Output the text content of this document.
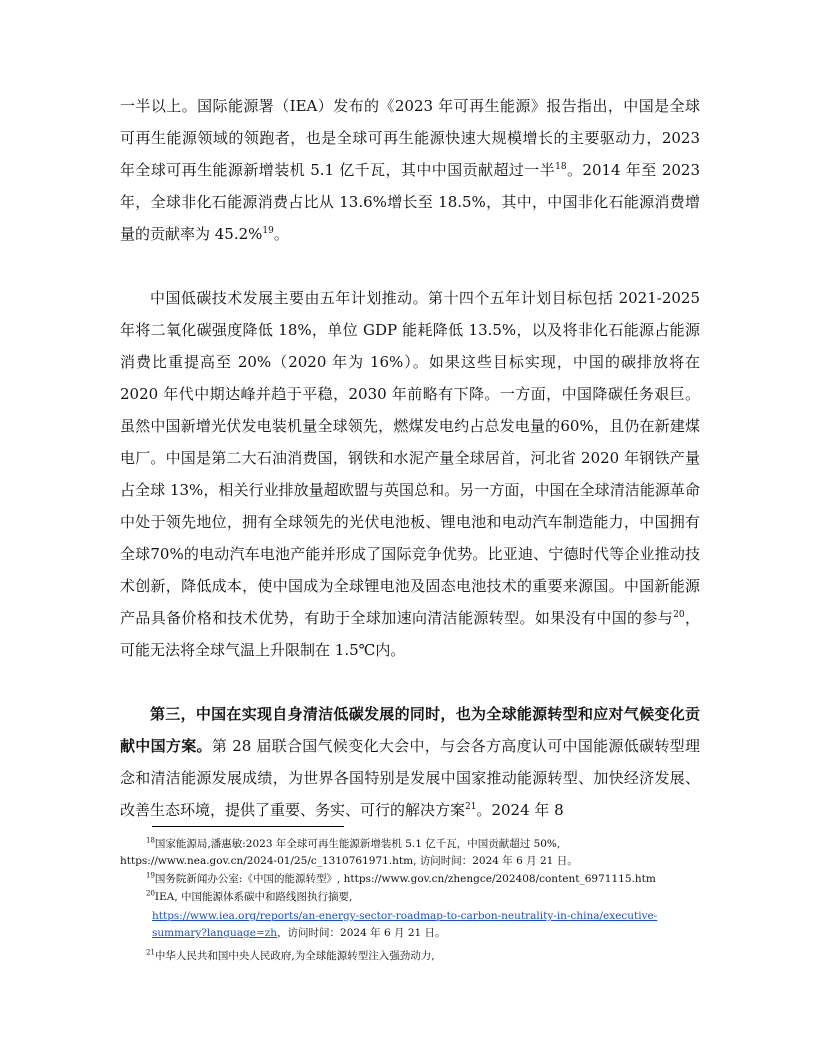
一半以上。国际能源署（IEA）发布的《2023 年可再生能源》报告指出，中国是全球可再生能源领域的领跑者，也是全球可再生能源快速大规模增长的主要驱动力，2023 年全球可再生能源新增装机 5.1 亿千瓦，其中中国贡献超过一半$^{18}$。2014 年至 2023 年，全球非化石能源消费占比从 13.6%增长至 18.5%，其中，中国非化石能源消费增量的贡献率为 45.2%$^{19}$。

中国低碳技术发展主要由五年计划推动。第十四个五年计划目标包括 2021-2025 年将二氧化碳强度降低 18%，单位 GDP 能耗降低 13.5%，以及将非化石能源占能源消费比重提高至 20%（2020 年为 16%）。如果这些目标实现，中国的碳排放将在 2020 年代中期达峰并趋于平稳，2030 年前略有下降。一方面，中国降碳任务艰巨。虽然中国新增光伏发电装机量全球领先，燃煤发电约占总发电量的60%，且仍在新建煤电厂。中国是第二大石油消费国，钢铁和水泥产量全球居首，河北省 2020 年钢铁产量占全球 13%，相关行业排放量超欧盟与英国总和。另一方面，中国在全球清洁能源革命中处于领先地位，拥有全球领先的光伏电池板、锂电池和电动汽车制造能力，中国拥有全球70%的电动汽车电池产能并形成了国际竞争优势。比亚迪、宁德时代等企业推动技术创新，降低成本，使中国成为全球锂电池及固态电池技术的重要来源国。中国新能源产品具备价格和技术优势，有助于全球加速向清洁能源转型。如果没有中国的参与$^{20}$，可能无法将全球气温上升限制在 1.5℃内。

第三，中国在实现自身清洁低碳发展的同时，也为全球能源转型和应对气候变化贡献中国方案。第 28 届联合国气候变化大会中，与会各方高度认可中国能源低碳转型理念和清洁能源发展成绩，为世界各国特别是发展中国家推动能源转型、加快经济发展、改善生态环境，提供了重要、务实、可行的解决方案$^{21}$。2024 年 8

$^{18}$国家能源局,潘惠敏:2023 年全球可再生能源新增装机 5.1 亿千瓦，中国贡献超过 50%,

https://www.nea.gov.cn/2024-01/25/c_1310761971.htm, 访问时间：2024 年 6 月 21 日。

$^{19}$国务院新闻办公室:《中国的能源转型》, https://www.gov.cn/zhengce/202408/content_6971115.htm

$^{20}$IEA, 中国能源体系碳中和路线图执行摘要,

https://www.iea.org/reports/an-energy-sector-roadmap-to-carbon-neutrality-in-china/executive-summary?language=zh，访问时间：2024 年 6 月 21 日。

$^{21}$中华人民共和国中央人民政府,为全球能源转型注入强劲动力,
